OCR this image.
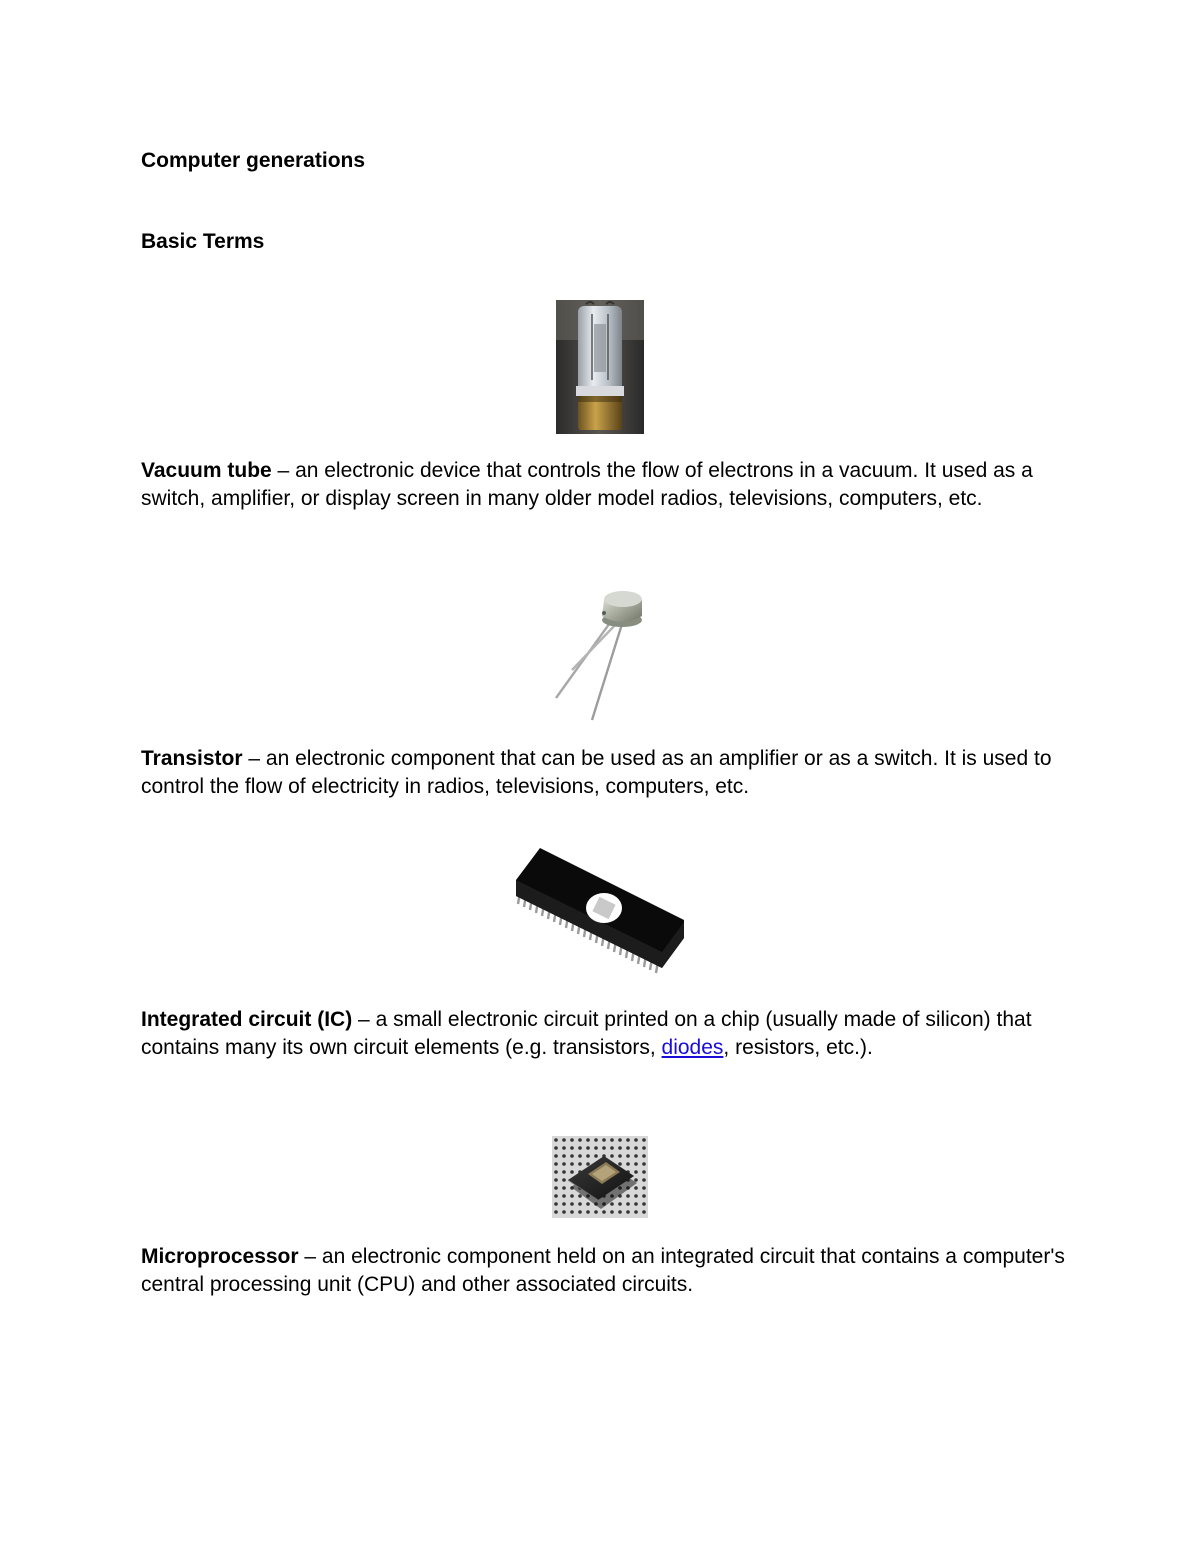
Computer generations
Basic Terms

Vacuum tube – an electronic device that controls the flow of electrons in a vacuum. It used as a switch, amplifier, or display screen in many older model radios, televisions, computers, etc.

Transistor – an electronic component that can be used as an amplifier or as a switch. It is used to control the flow of electricity in radios, televisions, computers, etc.

Integrated circuit (IC) – a small electronic circuit printed on a chip (usually made of silicon) that contains many its own circuit elements (e.g. transistors, diodes, resistors, etc.).

Microprocessor – an electronic component held on an integrated circuit that contains a computer's central processing unit (CPU) and other associated circuits.
